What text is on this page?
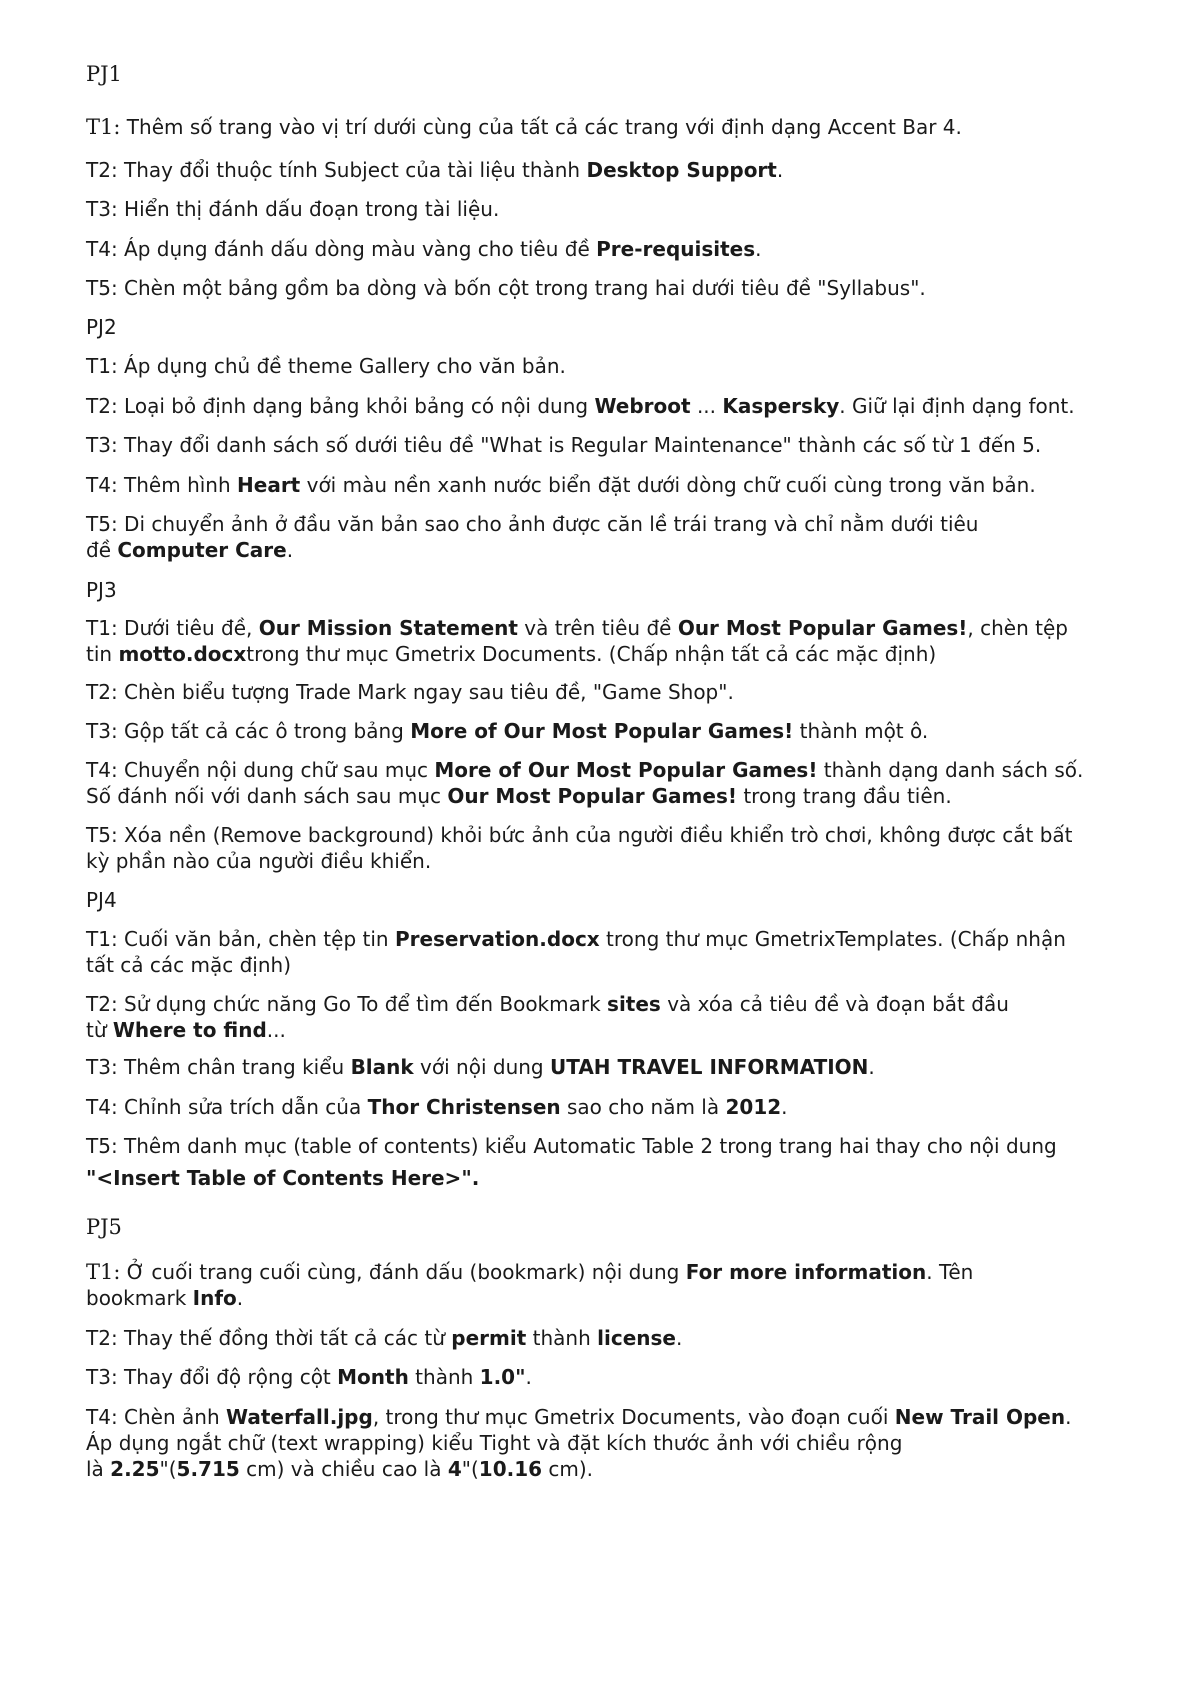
PJ1
T1: Thêm số trang vào vị trí dưới cùng của tất cả các trang với định dạng Accent Bar 4.
T2: Thay đổi thuộc tính Subject của tài liệu thành Desktop Support.
T3: Hiển thị đánh dấu đoạn trong tài liệu.
T4: Áp dụng đánh dấu dòng màu vàng cho tiêu đề Pre-requisites.
T5: Chèn một bảng gồm ba dòng và bốn cột trong trang hai dưới tiêu đề "Syllabus".
PJ2
T1: Áp dụng chủ đề theme Gallery cho văn bản.
T2: Loại bỏ định dạng bảng khỏi bảng có nội dung Webroot ... Kaspersky. Giữ lại định dạng font.
T3: Thay đổi danh sách số dưới tiêu đề "What is Regular Maintenance" thành các số từ 1 đến 5.
T4: Thêm hình Heart với màu nền xanh nước biển đặt dưới dòng chữ cuối cùng trong văn bản.
T5: Di chuyển ảnh ở đầu văn bản sao cho ảnh được căn lề trái trang và chỉ nằm dưới tiêu
đề Computer Care.
PJ3
T1: Dưới tiêu đề, Our Mission Statement và trên tiêu đề Our Most Popular Games!, chèn tệp
tin motto.docxtrong thư mục Gmetrix Documents. (Chấp nhận tất cả các mặc định)
T2: Chèn biểu tượng Trade Mark ngay sau tiêu đề, "Game Shop".
T3: Gộp tất cả các ô trong bảng More of Our Most Popular Games! thành một ô.
T4: Chuyển nội dung chữ sau mục More of Our Most Popular Games! thành dạng danh sách số.
Số đánh nối với danh sách sau mục Our Most Popular Games! trong trang đầu tiên.
T5: Xóa nền (Remove background) khỏi bức ảnh của người điều khiển trò chơi, không được cắt bất
kỳ phần nào của người điều khiển.
PJ4
T1: Cuối văn bản, chèn tệp tin Preservation.docx trong thư mục GmetrixTemplates. (Chấp nhận
tất cả các mặc định)
T2: Sử dụng chức năng Go To để tìm đến Bookmark sites và xóa cả tiêu đề và đoạn bắt đầu
từ Where to find...
T3: Thêm chân trang kiểu Blank với nội dung UTAH TRAVEL INFORMATION.
T4: Chỉnh sửa trích dẫn của Thor Christensen sao cho năm là 2012.
T5: Thêm danh mục (table of contents) kiểu Automatic Table 2 trong trang hai thay cho nội dung
"<Insert Table of Contents Here>".
PJ5
T1: Ở cuối trang cuối cùng, đánh dấu (bookmark) nội dung For more information. Tên
bookmark Info.
T2: Thay thế đồng thời tất cả các từ permit thành license.
T3: Thay đổi độ rộng cột Month thành 1.0".
T4: Chèn ảnh Waterfall.jpg, trong thư mục Gmetrix Documents, vào đoạn cuối New Trail Open.
Áp dụng ngắt chữ (text wrapping) kiểu Tight và đặt kích thước ảnh với chiều rộng
là 2.25"(5.715 cm) và chiều cao là 4"(10.16 cm).
